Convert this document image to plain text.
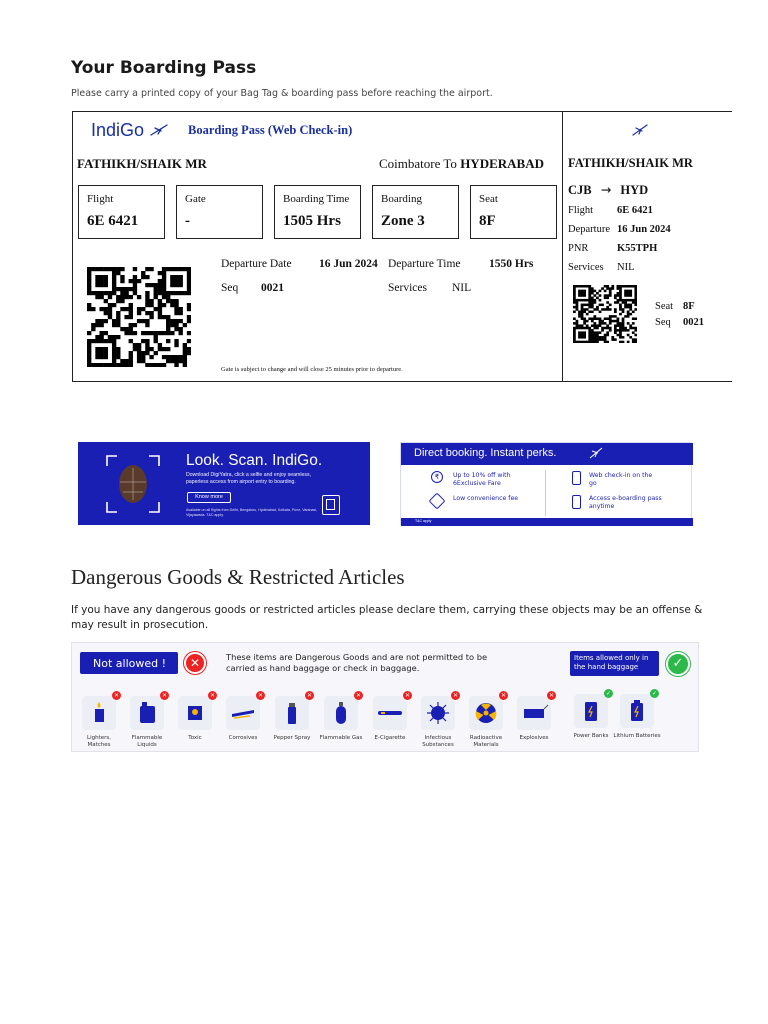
Your Boarding Pass
Please carry a printed copy of your Bag Tag & boarding pass before reaching the airport.
IndiGo	Boarding Pass (Web Check-in)
FATHIKH/SHAIK MR	Coimbatore To HYDERABAD
Flight
6E 6421
Gate
-
Boarding Time
1505 Hrs
Boarding
Zone 3
Seat
8F
Departure Date 16 Jun 2024 Departure Time 1550 Hrs
Seq 0021	Services NIL
Gate is subject to change and will close 25 minutes prior to departure.
FATHIKH/SHAIK MR
CJB → HYD
Flight 6E 6421
Departure 16 Jun 2024
PNR	K55TPH
Services NIL
Seat 8F
Seq 0021
Look. Scan. IndiGo.
Download DigiYatra, click a selfie and enjoy seamless, paperless access from airport entry to boarding.
Know more
Available on all flights from Delhi, Bengaluru, Hyderabad, Kolkata, Pune, Varanasi, Vijayawada. T&C apply.
Direct booking. Instant perks.
₹	Up to 10% off with 6Exclusive Fare
Web check-in on the go
Low convenience fee	Access e-boarding pass anytime
T&C apply
Dangerous Goods & Restricted Articles
If you have any dangerous goods or restricted articles please declare them, carrying these objects may be an offense & may result in prosecution.
Not allowed !	✕	These items are Dangerous Goods and are not permitted to be carried as hand baggage or check in baggage.
Items allowed only in the hand baggage	✓
✕
Lighters, Matches
✕
Flammable Liquids
✕
Toxic
✕
Corrosives
✕
Pepper Spray
✕
Flammable Gas
✕
E-Cigarette
✕
Infectious Substances
✕
Radioactive Materials
✕
Explosives
✓
Power Banks
✓
Lithium Batteries
